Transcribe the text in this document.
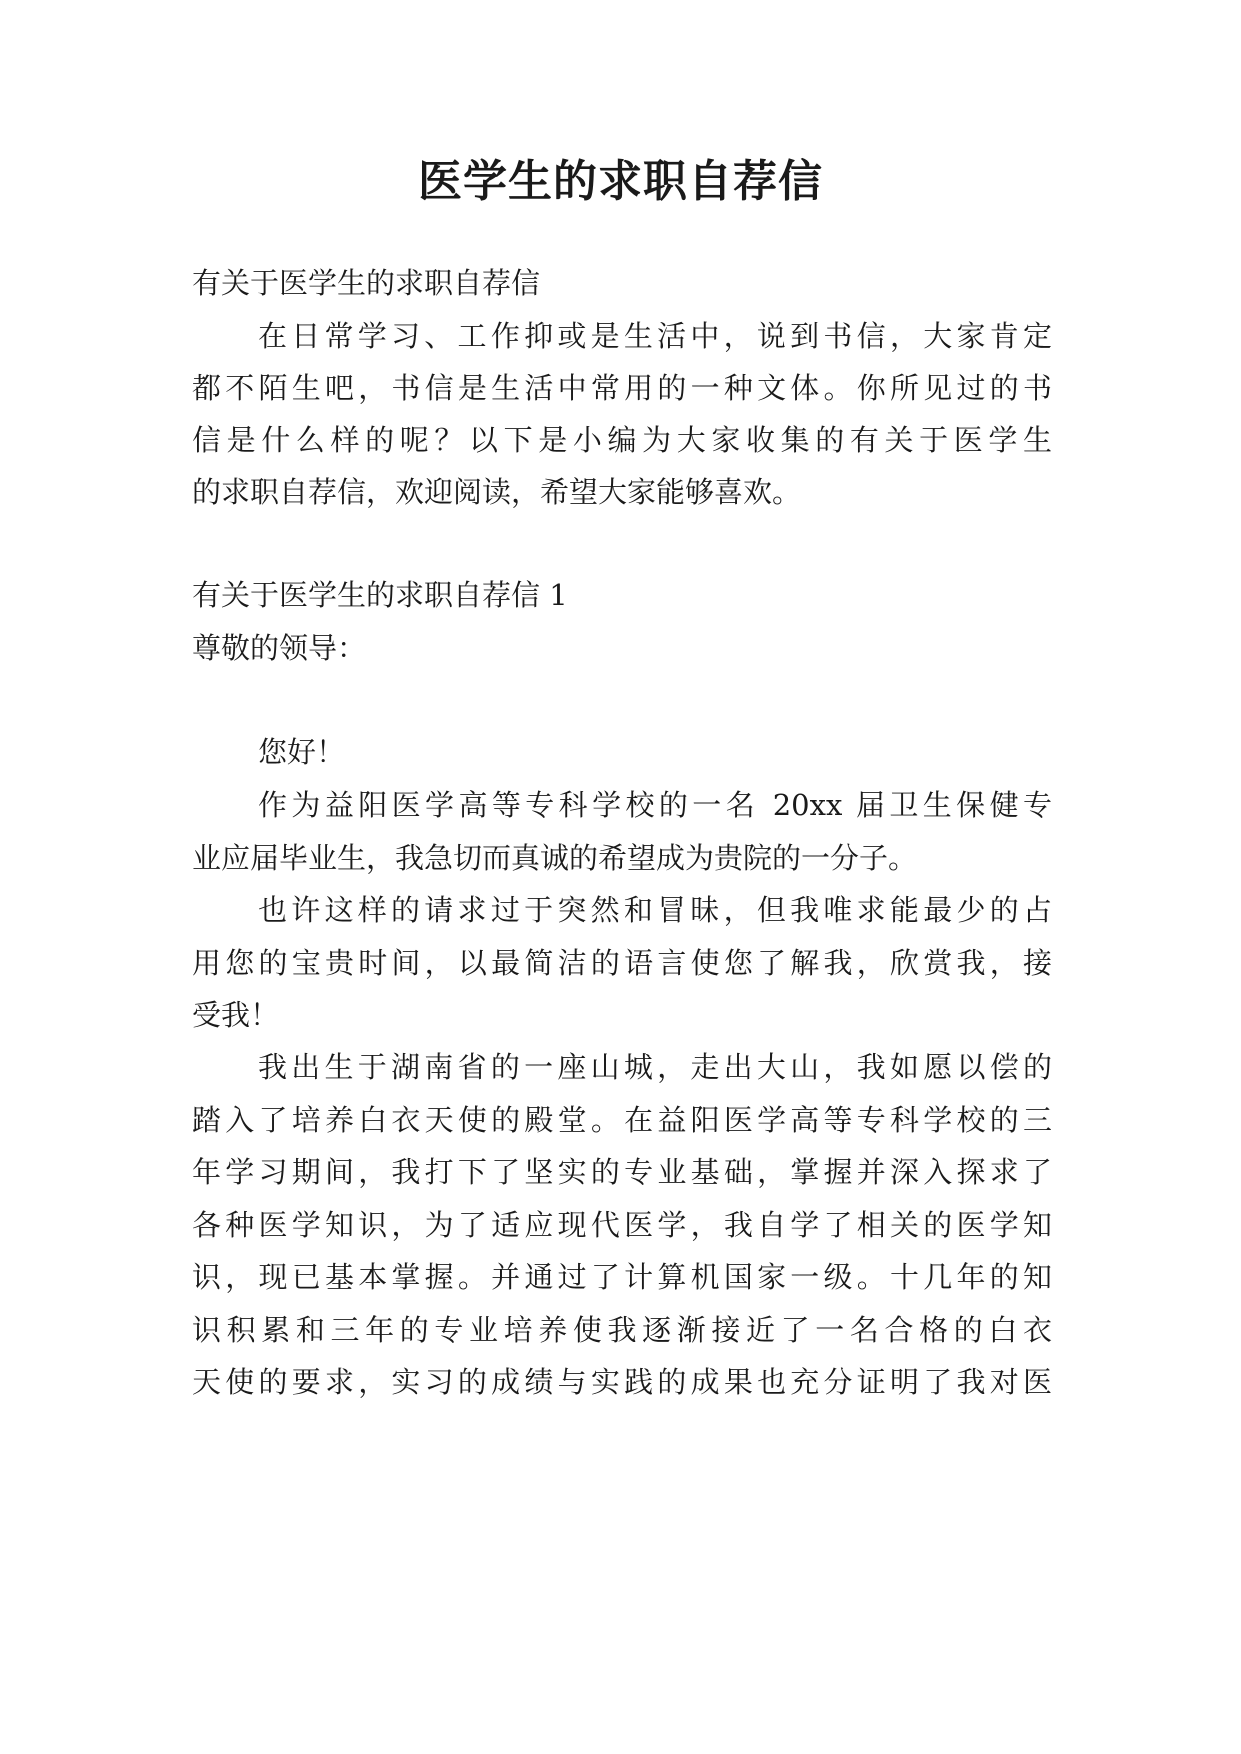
医学生的求职自荐信
有关于医学生的求职自荐信
在日常学习、工作抑或是生活中，说到书信，大家肯定
都不陌生吧，书信是生活中常用的一种文体。你所见过的书
信是什么样的呢？以下是小编为大家收集的有关于医学生
的求职自荐信，欢迎阅读，希望大家能够喜欢。
有关于医学生的求职自荐信 1
尊敬的领导：
您好！
作为益阳医学高等专科学校的一名 20xx 届卫生保健专
业应届毕业生，我急切而真诚的希望成为贵院的一分子。
也许这样的请求过于突然和冒昧，但我唯求能最少的占
用您的宝贵时间，以最简洁的语言使您了解我，欣赏我，接
受我！
我出生于湖南省的一座山城，走出大山，我如愿以偿的
踏入了培养白衣天使的殿堂。在益阳医学高等专科学校的三
年学习期间，我打下了坚实的专业基础，掌握并深入探求了
各种医学知识，为了适应现代医学，我自学了相关的医学知
识，现已基本掌握。并通过了计算机国家一级。十几年的知
识积累和三年的专业培养使我逐渐接近了一名合格的白衣
天使的要求，实习的成绩与实践的成果也充分证明了我对医
